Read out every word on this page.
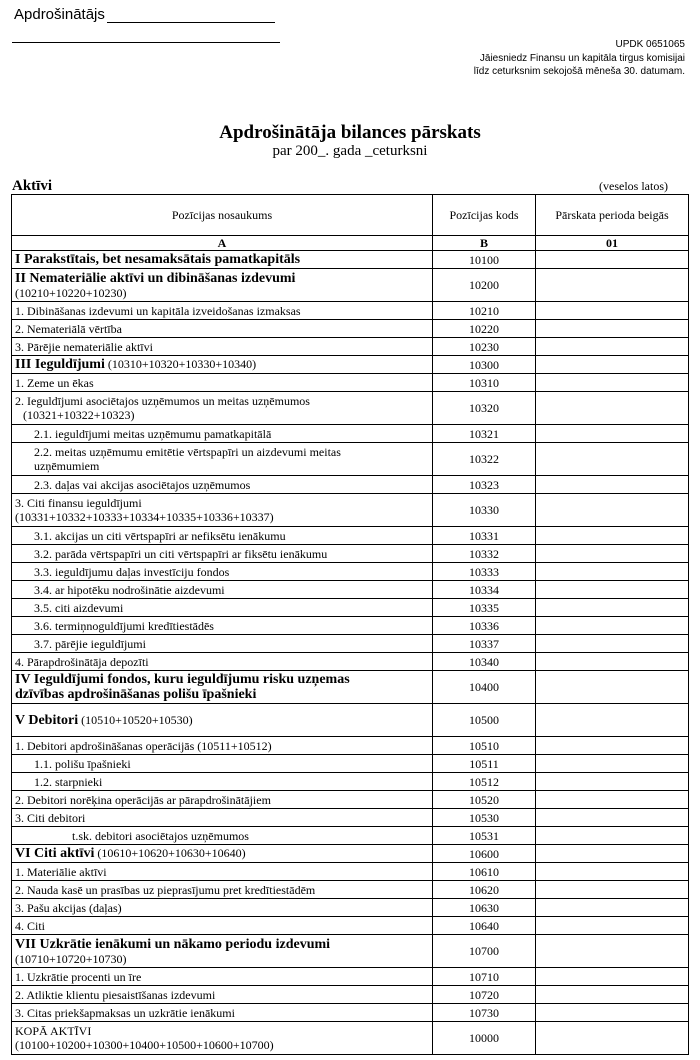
Apdrošinātājs
UPDK 0651065
Jāiesniedz Finansu un kapitāla tirgus komisijai
līdz ceturksnim sekojošā mēneša 30. datumam.
Apdrošinātāja bilances pārskats
par 200_. gada _ceturksni
Aktīvi	(veselos latos)
Pozīcijas nosaukums	Pozīcijas kods	Pārskata perioda beigās
A	B	01
I Parakstītais, bet nesamaksātais pamatkapitāls	10100	
II Nemateriālie aktīvi un dibināšanas izdevumi
(10210+10220+10230)	10200	
1. Dibināšanas izdevumi un kapitāla izveidošanas izmaksas	10210	
2. Nemateriālā vērtība	10220	
3. Pārējie nemateriālie aktīvi	10230	
III Ieguldījumi (10310+10320+10330+10340)	10300	
1. Zeme un ēkas	10310	
2. Ieguldījumi asociētajos uzņēmumos un meitas uzņēmumos
(10321+10322+10323)	10320	
2.1. ieguldījumi meitas uzņēmumu pamatkapitālā	10321	
2.2. meitas uzņēmumu emitētie vērtspapīri un aizdevumi meitas
uzņēmumiem	10322	
2.3. daļas vai akcijas asociētajos uzņēmumos	10323	
3. Citi finansu ieguldījumi
(10331+10332+10333+10334+10335+10336+10337)	10330	
3.1. akcijas un citi vērtspapīri ar nefiksētu ienākumu	10331	
3.2. parāda vērtspapīri un citi vērtspapīri ar fiksētu ienākumu	10332	
3.3. ieguldījumu daļas investīciju fondos	10333	
3.4. ar hipotēku nodrošinātie aizdevumi	10334	
3.5. citi aizdevumi	10335	
3.6. termiņnoguldījumi kredītiestādēs	10336	
3.7. pārējie ieguldījumi	10337	
4. Pārapdrošinātāja depozīti	10340	
IV Ieguldījumi fondos, kuru ieguldījumu risku uzņemas
dzīvības apdrošināšanas polišu īpašnieki	10400	
V Debitori (10510+10520+10530)	10500	
1. Debitori apdrošināšanas operācijās (10511+10512)	10510	
1.1. polišu īpašnieki	10511	
1.2. starpnieki	10512	
2. Debitori norēķina operācijās ar pārapdrošinātājiem	10520	
3. Citi debitori	10530	
t.sk. debitori asociētajos uzņēmumos	10531	
VI Citi aktīvi (10610+10620+10630+10640)	10600	
1. Materiālie aktīvi	10610	
2. Nauda kasē un prasības uz pieprasījumu pret kredītiestādēm	10620	
3. Pašu akcijas (daļas)	10630	
4. Citi	10640	
VII Uzkrātie ienākumi un nākamo periodu izdevumi
(10710+10720+10730)	10700	
1. Uzkrātie procenti un īre	10710	
2. Atliktie klientu piesaistīšanas izdevumi	10720	
3. Citas priekšapmaksas un uzkrātie ienākumi	10730	
KOPĀ AKTĪVI
(10100+10200+10300+10400+10500+10600+10700)	10000	
